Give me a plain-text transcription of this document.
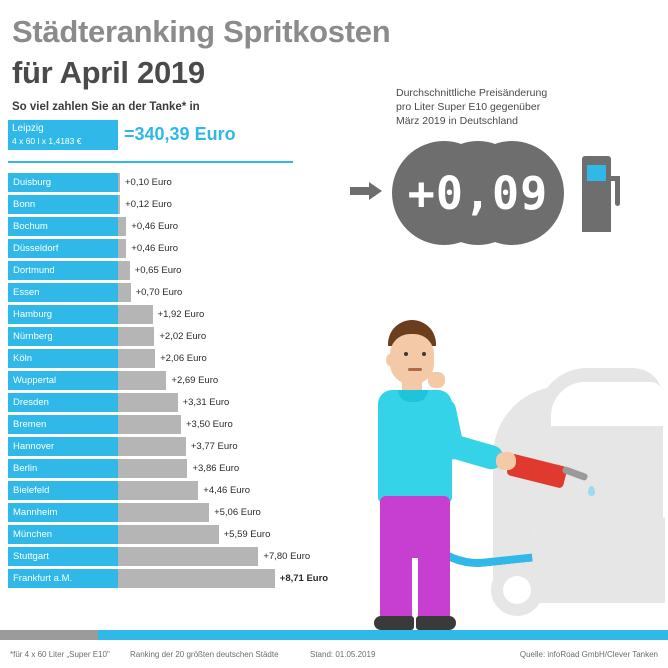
Städteranking Spritkosten
für April 2019
So viel zahlen Sie an der Tanke* in
Leipzig
4 x 60 l x 1,4183 € =340,39 Euro
Durchschnittliche Preisänderung
pro Liter Super E10 gegenüber
März 2019 in Deutschland
+0,09
Duisburg	+0,10 Euro
Bonn	+0,12 Euro
Bochum	+0,46 Euro
Düsseldorf	+0,46 Euro
Dortmund	+0,65 Euro
Essen	+0,70 Euro
Hamburg	+1,92 Euro
Nürnberg	+2,02 Euro
Köln	+2,06 Euro
Wuppertal	+2,69 Euro
Dresden	+3,31 Euro
Bremen	+3,50 Euro
Hannover	+3,77 Euro
Berlin	+3,86 Euro
Bielefeld	+4,46 Euro
Mannheim	+5,06 Euro
München	+5,59 Euro
Stuttgart	+7,80 Euro
Frankfurt a.M.	+8,71 Euro
*für 4 x 60 Liter „Super E10"	Ranking der 20 größten deutschen Städte	Stand: 01.05.2019	Quelle: infoRoad GmbH/Clever Tanken
